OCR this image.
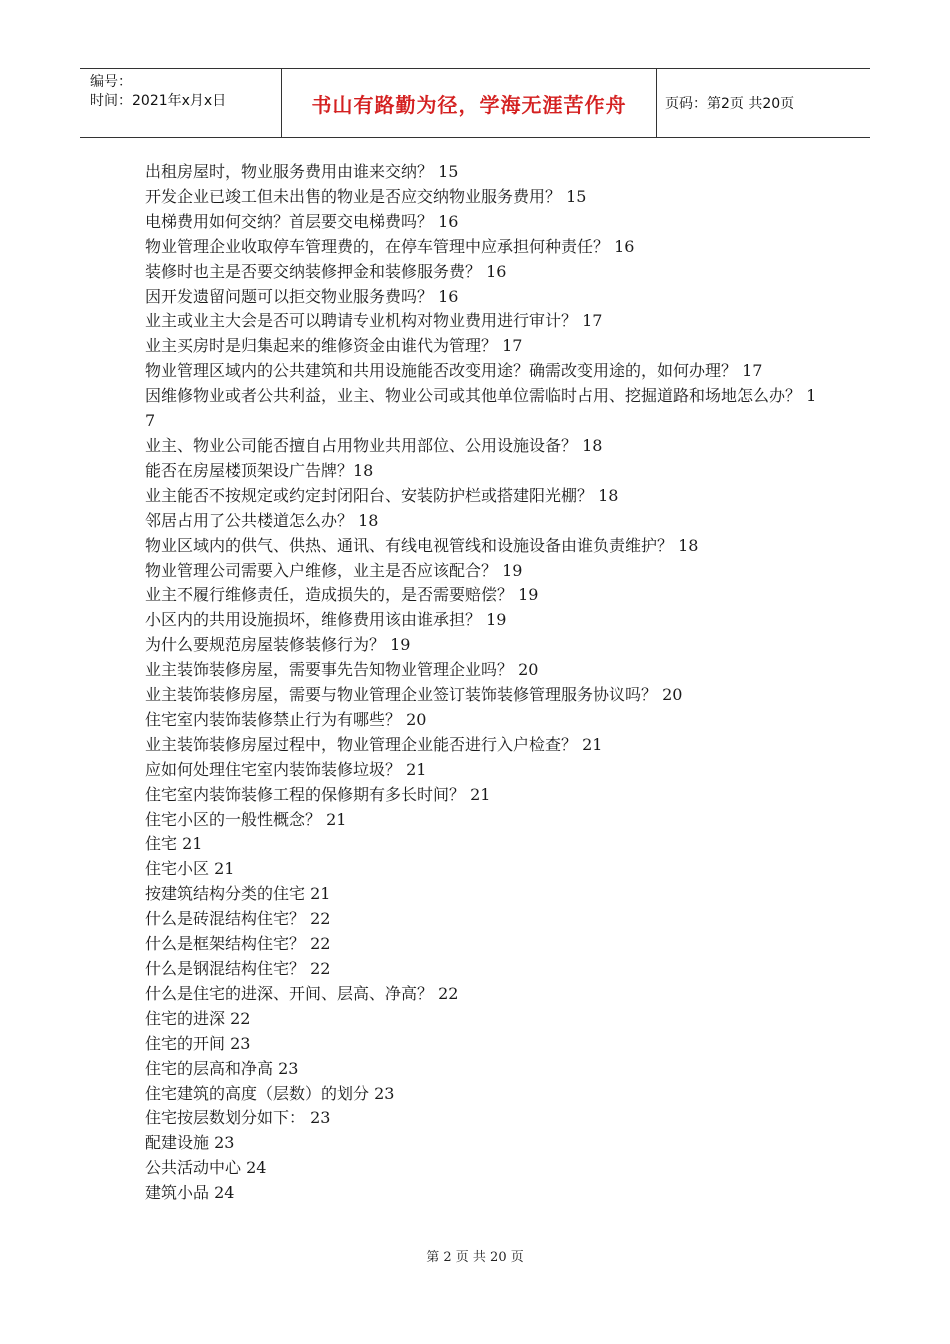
编号：
时间：2021年x月x日	书山有路勤为径，学海无涯苦作舟	页码：第2页 共20页
出租房屋时，物业服务费用由谁来交纳？ 15
开发企业已竣工但未出售的物业是否应交纳物业服务费用？ 15
电梯费用如何交纳？首层要交电梯费吗？ 16
物业管理企业收取停车管理费的，在停车管理中应承担何种责任？ 16
装修时也主是否要交纳装修押金和装修服务费？ 16
因开发遗留问题可以拒交物业服务费吗？ 16
业主或业主大会是否可以聘请专业机构对物业费用进行审计？ 17
业主买房时是归集起来的维修资金由谁代为管理？ 17
物业管理区域内的公共建筑和共用设施能否改变用途？确需改变用途的，如何办理？ 17
因维修物业或者公共利益，业主、物业公司或其他单位需临时占用、挖掘道路和场地怎么办？ 17
业主、物业公司能否擅自占用物业共用部位、公用设施设备？ 18
能否在房屋楼顶架设广告牌？18
业主能否不按规定或约定封闭阳台、安装防护栏或搭建阳光棚？ 18
邻居占用了公共楼道怎么办？ 18
物业区域内的供气、供热、通讯、有线电视管线和设施设备由谁负责维护？ 18
物业管理公司需要入户维修，业主是否应该配合？ 19
业主不履行维修责任，造成损失的，是否需要赔偿？ 19
小区内的共用设施损坏，维修费用该由谁承担？ 19
为什么要规范房屋装修装修行为？ 19
业主装饰装修房屋，需要事先告知物业管理企业吗？ 20
业主装饰装修房屋，需要与物业管理企业签订装饰装修管理服务协议吗？ 20
住宅室内装饰装修禁止行为有哪些？ 20
业主装饰装修房屋过程中，物业管理企业能否进行入户检查？ 21
应如何处理住宅室内装饰装修垃圾？ 21
住宅室内装饰装修工程的保修期有多长时间？ 21
住宅小区的一般性概念？ 21
住宅 21
住宅小区 21
按建筑结构分类的住宅 21
什么是砖混结构住宅？ 22
什么是框架结构住宅？ 22
什么是钢混结构住宅？ 22
什么是住宅的进深、开间、层高、净高？ 22
住宅的进深 22
住宅的开间 23
住宅的层高和净高 23
住宅建筑的高度（层数）的划分 23
住宅按层数划分如下： 23
配建设施 23
公共活动中心 24
建筑小品 24
第 2 页 共 20 页
